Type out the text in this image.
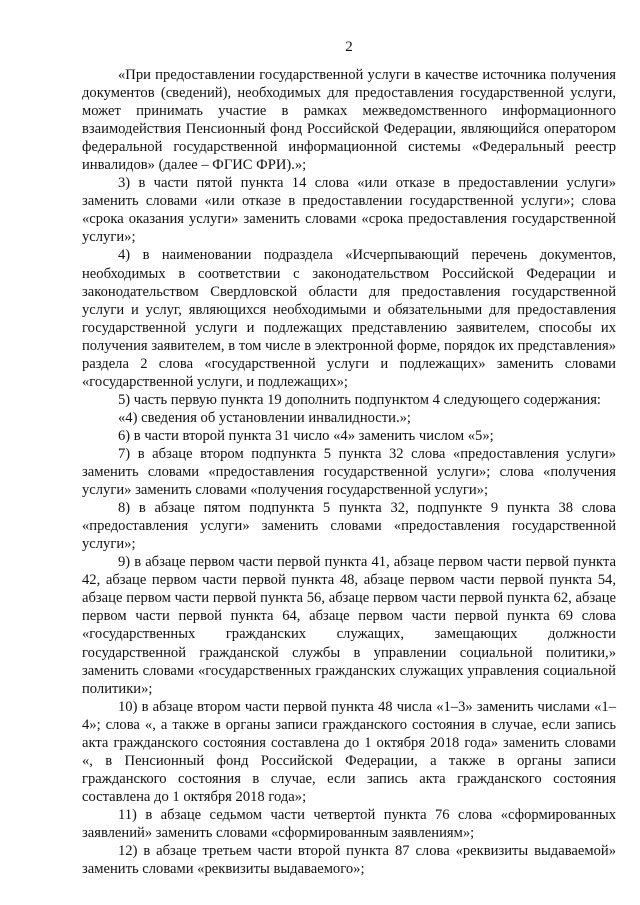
2

«При предоставлении государственной услуги в качестве источника получения документов (сведений), необходимых для предоставления государственной услуги, может принимать участие в рамках межведомственного информационного взаимодействия Пенсионный фонд Российской Федерации, являющийся оператором федеральной государственной информационной системы «Федеральный реестр инвалидов» (далее – ФГИС ФРИ).»;

3) в части пятой пункта 14 слова «или отказе в предоставлении услуги» заменить словами «или отказе в предоставлении государственной услуги»; слова «срока оказания услуги» заменить словами «срока предоставления государственной услуги»;

4) в наименовании подраздела «Исчерпывающий перечень документов, необходимых в соответствии с законодательством Российской Федерации и законодательством Свердловской области для предоставления государственной услуги и услуг, являющихся необходимыми и обязательными для предоставления государственной услуги и подлежащих представлению заявителем, способы их получения заявителем, в том числе в электронной форме, порядок их представления» раздела 2 слова «государственной услуги и подлежащих» заменить словами «государственной услуги, и подлежащих»;

5) часть первую пункта 19 дополнить подпунктом 4 следующего содержания:

«4) сведения об установлении инвалидности.»;

6) в части второй пункта 31 число «4» заменить числом «5»;

7) в абзаце втором подпункта 5 пункта 32 слова «предоставления услуги» заменить словами «предоставления государственной услуги»; слова «получения услуги» заменить словами «получения государственной услуги»;

8) в абзаце пятом подпункта 5 пункта 32, подпункте 9 пункта 38 слова «предоставления услуги» заменить словами «предоставления государственной услуги»;

9) в абзаце первом части первой пункта 41, абзаце первом части первой пункта 42, абзаце первом части первой пункта 48, абзаце первом части первой пункта 54, абзаце первом части первой пункта 56, абзаце первом части первой пункта 62, абзаце первом части первой пункта 64, абзаце первом части первой пункта 69 слова «государственных гражданских служащих, замещающих должности государственной гражданской службы в управлении социальной политики,» заменить словами «государственных гражданских служащих управления социальной политики»;

10) в абзаце втором части первой пункта 48 числа «1–3» заменить числами «1–4»; слова «, а также в органы записи гражданского состояния в случае, если запись акта гражданского состояния составлена до 1 октября 2018 года» заменить словами «, в Пенсионный фонд Российской Федерации, а также в органы записи гражданского состояния в случае, если запись акта гражданского состояния составлена до 1 октября 2018 года»;

11) в абзаце седьмом части четвертой пункта 76 слова «сформированных заявлений» заменить словами «сформированным заявлениям»;

12) в абзаце третьем части второй пункта 87 слова «реквизиты выдаваемой» заменить словами «реквизиты выдаваемого»;
